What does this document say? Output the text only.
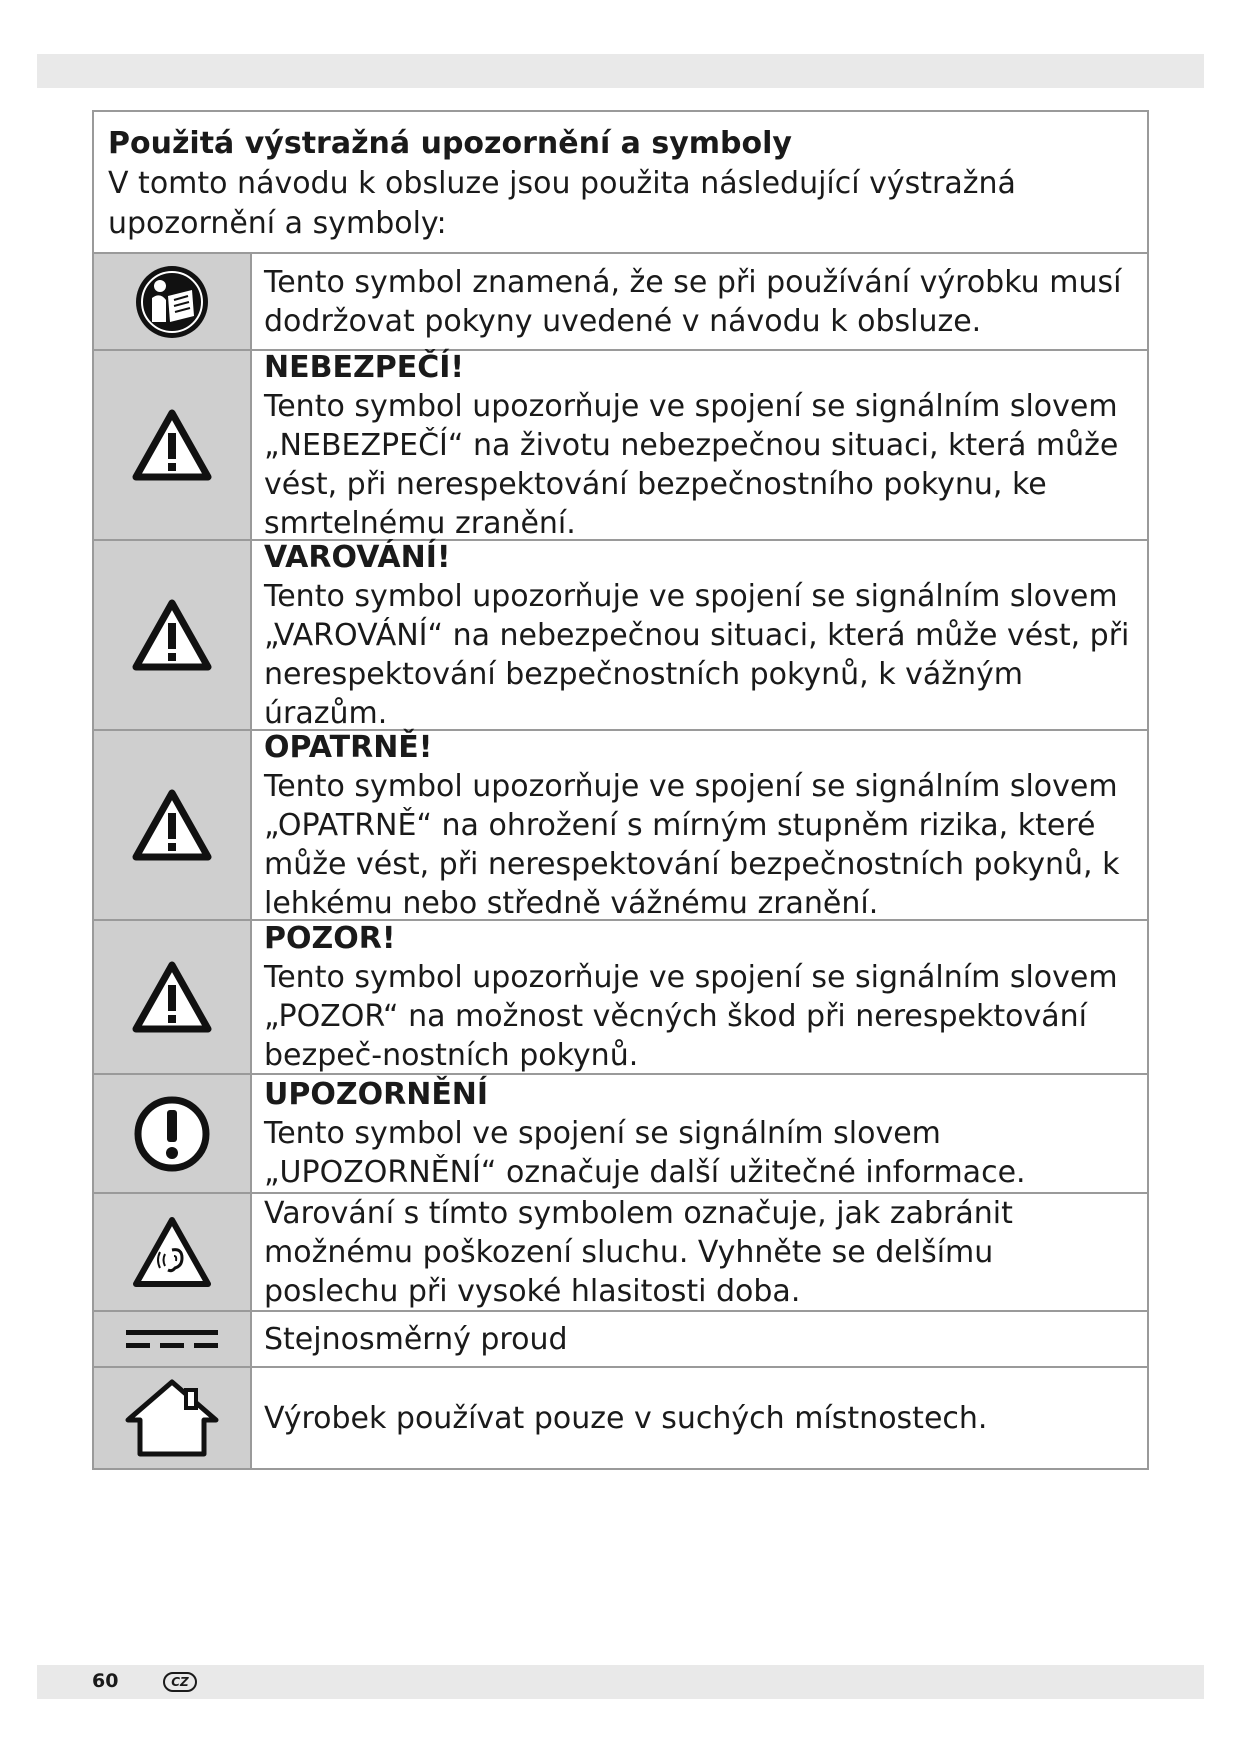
Použitá výstražná upozornění a symboly

V tomto návodu k obsluze jsou použita následující výstražná upozornění a symboly:

Tento symbol znamená, že se při používání výrobku musí dodržovat pokyny uvedené v návodu k obsluze.

NEBEZPEČÍ!

Tento symbol upozorňuje ve spojení se signálním slovem „NEBEZPEČÍ“ na životu nebezpečnou situaci, která může vést, při nerespektování bezpečnostního pokynu, ke smrtelnému zranění.

VAROVÁNÍ!

Tento symbol upozorňuje ve spojení se signálním slovem „VAROVÁNÍ“ na nebezpečnou situaci, která může vést, při nerespektování bezpečnostních pokynů, k vážným úrazům.

OPATRNĚ!

Tento symbol upozorňuje ve spojení se signálním slovem „OPATRNĚ“ na ohrožení s mírným stupněm rizika, které může vést, při nerespektování bezpečnostních pokynů, k lehkému nebo středně vážnému zranění.

POZOR!

Tento symbol upozorňuje ve spojení se signálním slovem „POZOR“ na možnost věcných škod při nerespektování bezpeč-nostních pokynů.

UPOZORNĚNÍ

Tento symbol ve spojení se signálním slovem „UPOZORNĚNÍ“ označuje další užitečné informace.

Varování s tímto symbolem označuje, jak zabránit možnému poškození sluchu. Vyhněte se delšímu poslechu při vysoké hlasitosti doba.

Stejnosměrný proud

Výrobek používat pouze v suchých místnostech.

60	CZ
